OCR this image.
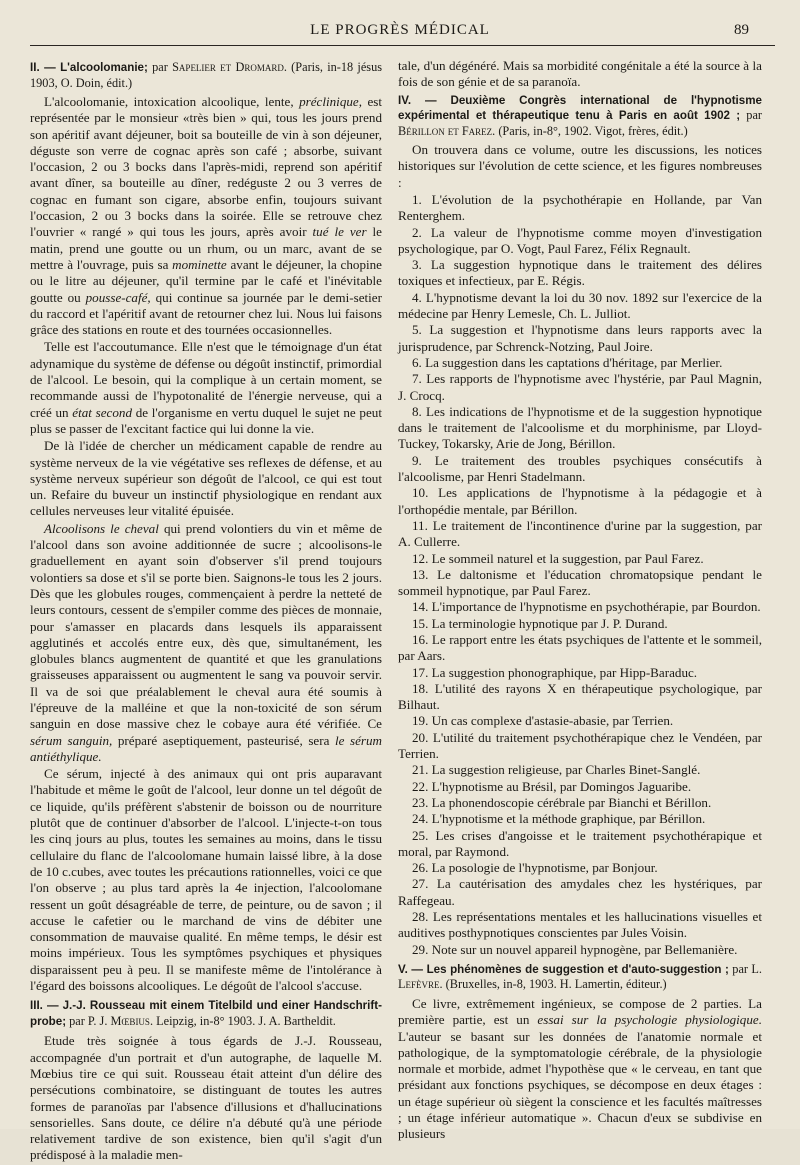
LE PROGRÈS MÉDICAL	89

II. — L'alcoolomanie; par Sapelier et Dromard. (Paris, in-18 jésus 1903, O. Doin, édit.)

L'alcoolomanie, intoxication alcoolique, lente, préclinique, est représentée par le monsieur «très bien » qui, tous les jours prend son apéritif avant déjeuner, boit sa bouteille de vin à son déjeuner, déguste son verre de cognac après son café ; absorbe, suivant l'occasion, 2 ou 3 bocks dans l'après-midi, reprend son apéritif avant dîner, sa bouteille au dîner, redéguste 2 ou 3 verres de cognac en fumant son cigare, absorbe enfin, toujours suivant l'occasion, 2 ou 3 bocks dans la soirée. Elle se retrouve chez l'ouvrier « rangé » qui tous les jours, après avoir tué le ver le matin, prend une goutte ou un rhum, ou un marc, avant de se mettre à l'ouvrage, puis sa mominette avant le déjeuner, la chopine ou le litre au déjeuner, qu'il termine par le café et l'inévitable goutte ou pousse-café, qui continue sa journée par le demi-setier du raccord et l'apéritif avant de retourner chez lui. Nous lui faisons grâce des stations en route et des tournées occasionnelles.

Telle est l'accoutumance. Elle n'est que le témoignage d'un état adynamique du système de défense ou dégoût instinctif, primordial de l'alcool. Le besoin, qui la complique à un certain moment, se recommande aussi de l'hypotonalité de l'énergie nerveuse, qui a créé un état second de l'organisme en vertu duquel le sujet ne peut plus se passer de l'excitant factice qui lui donne la vie.

De là l'idée de chercher un médicament capable de rendre au système nerveux de la vie végétative ses reflexes de défense, et au système nerveux supérieur son dégoût de l'alcool, ce qui est tout un. Refaire du buveur un instinctif physiologique en rendant aux cellules nerveuses leur vitalité épuisée.

Alcoolisons le cheval qui prend volontiers du vin et même de l'alcool dans son avoine additionnée de sucre ; alcoolisons-le graduellement en ayant soin d'observer s'il prend toujours volontiers sa dose et s'il se porte bien. Saignons-le tous les 2 jours. Dès que les globules rouges, commençaient à perdre la netteté de leurs contours, cessent de s'empiler comme des pièces de monnaie, pour s'amasser en placards dans lesquels ils apparaissent agglutinés et accolés entre eux, dès que, simultanément, les globules blancs augmentent de quantité et que les granulations graisseuses apparaissent ou augmentent le sang va pouvoir servir. Il va de soi que préalablement le cheval aura été soumis à l'épreuve de la malléine et que la non-toxicité de son sérum sanguin en dose massive chez le cobaye aura été vérifiée. Ce sérum sanguin, préparé aseptiquement, pasteurisé, sera le sérum antiéthylique.

Ce sérum, injecté à des animaux qui ont pris auparavant l'habitude et même le goût de l'alcool, leur donne un tel dégoût de ce liquide, qu'ils préfèrent s'abstenir de boisson ou de nourriture plutôt que de continuer d'absorber de l'alcool. L'injecte-t-on tous les cinq jours au plus, toutes les semaines au moins, dans le tissu cellulaire du flanc de l'alcoolomane humain laissé libre, à la dose de 10 c.cubes, avec toutes les précautions rationnelles, voici ce que l'on observe ; au plus tard après la 4e injection, l'alcoolomane ressent un goût désagréable de terre, de peinture, ou de savon ; il accuse le cafetier ou le marchand de vins de débiter une consommation de mauvaise qualité. En même temps, le désir est moins impérieux. Tous les symptômes psychiques et physiques disparaissent peu à peu. Il se manifeste même de l'intolérance à l'égard des boissons alcooliques. Le dégoût de l'alcool s'accuse.

III. — J.-J. Rousseau mit einem Titelbild und einer Handschrift-probe; par P. J. Mœbius. Leipzig, in-8° 1903. J. A. Bartheldit.

Etude très soignée à tous égards de J.-J. Rousseau, accompagnée d'un portrait et d'un autographe, de laquelle M. Mœbius tire ce qui suit. Rousseau était atteint d'un délire des persécutions combinatoire, se distinguant de toutes les autres formes de paranoïas par l'absence d'illusions et d'hallucinations sensorielles. Sans doute, ce délire n'a débuté qu'à une période relativement tardive de son existence, bien qu'il s'agit d'un prédisposé à la maladie men-

tale, d'un dégénéré. Mais sa morbidité congénitale a été la source à la fois de son génie et de sa paranoïa.

IV. — Deuxième Congrès international de l'hypnotisme expérimental et thérapeutique tenu à Paris en août 1902 ; par Bérillon et Farez. (Paris, in-8°, 1902. Vigot, frères, édit.)

On trouvera dans ce volume, outre les discussions, les notices historiques sur l'évolution de cette science, et les figures nombreuses :

1. L'évolution de la psychothérapie en Hollande, par Van Renterghem.
2. La valeur de l'hypnotisme comme moyen d'investigation psychologique, par O. Vogt, Paul Farez, Félix Regnault.
3. La suggestion hypnotique dans le traitement des délires toxiques et infectieux, par E. Régis.
4. L'hypnotisme devant la loi du 30 nov. 1892 sur l'exercice de la médecine par Henry Lemesle, Ch. L. Julliot.
5. La suggestion et l'hypnotisme dans leurs rapports avec la jurisprudence, par Schrenck-Notzing, Paul Joire.
6. La suggestion dans les captations d'héritage, par Merlier.
7. Les rapports de l'hypnotisme avec l'hystérie, par Paul Magnin, J. Crocq.
8. Les indications de l'hypnotisme et de la suggestion hypnotique dans le traitement de l'alcoolisme et du morphinisme, par Lloyd-Tuckey, Tokarsky, Arie de Jong, Bérillon.
9. Le traitement des troubles psychiques consécutifs à l'alcoolisme, par Henri Stadelmann.
10. Les applications de l'hypnotisme à la pédagogie et à l'orthopédie mentale, par Bérillon.
11. Le traitement de l'incontinence d'urine par la suggestion, par A. Cullerre.
12. Le sommeil naturel et la suggestion, par Paul Farez.
13. Le daltonisme et l'éducation chromatopsique pendant le sommeil hypnotique, par Paul Farez.
14. L'importance de l'hypnotisme en psychothérapie, par Bourdon.
15. La terminologie hypnotique par J. P. Durand.
16. Le rapport entre les états psychiques de l'attente et le sommeil, par Aars.
17. La suggestion phonographique, par Hipp-Baraduc.
18. L'utilité des rayons X en thérapeutique psychologique, par Bilhaut.
19. Un cas complexe d'astasie-abasie, par Terrien.
20. L'utilité du traitement psychothérapique chez le Vendéen, par Terrien.
21. La suggestion religieuse, par Charles Binet-Sanglé.
22. L'hypnotisme au Brésil, par Domingos Jaguaribe.
23. La phonendoscopie cérébrale par Bianchi et Bérillon.
24. L'hypnotisme et la méthode graphique, par Bérillon.
25. Les crises d'angoisse et le traitement psychothérapique et moral, par Raymond.
26. La posologie de l'hypnotisme, par Bonjour.
27. La cautérisation des amydales chez les hystériques, par Raffegeau.
28. Les représentations mentales et les hallucinations visuelles et auditives posthypnotiques conscientes par Jules Voisin.
29. Note sur un nouvel appareil hypnogène, par Bellemanière.

V. — Les phénomènes de suggestion et d'auto-suggestion ; par L. Lefèvre. (Bruxelles, in-8, 1903. H. Lamertin, éditeur.)

Ce livre, extrêmement ingénieux, se compose de 2 parties. La première partie, est un essai sur la psychologie physiologique. L'auteur se basant sur les données de l'anatomie normale et pathologique, de la symptomatologie cérébrale, de la physiologie normale et morbide, admet l'hypothèse que « le cerveau, en tant que présidant aux fonctions psychiques, se décompose en deux étages : un étage supérieur où siègent la conscience et les facultés maîtresses ; un étage inférieur automatique ». Chacun d'eux se subdivise en plusieurs
